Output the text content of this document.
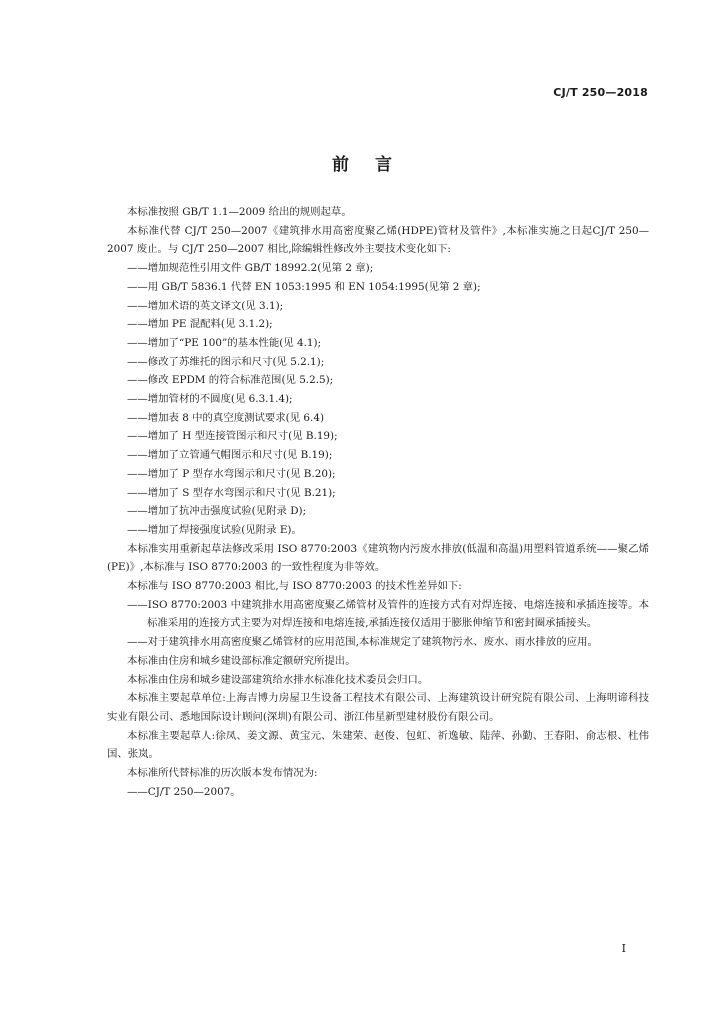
CJ/T 250—2018
前言

本标准按照 GB/T 1.1—2009 给出的规则起草。

本标准代替 CJ/T 250—2007《建筑排水用高密度聚乙烯(HDPE)管材及管件》,本标准实施之日起CJ/T 250—2007 废止。与 CJ/T 250—2007 相比,除编辑性修改外主要技术变化如下:

——增加规范性引用文件 GB/T 18992.2(见第 2 章);

——用 GB/T 5836.1 代替 EN 1053:1995 和 EN 1054:1995(见第 2 章);

——增加术语的英文译文(见 3.1);

——增加 PE 混配料(见 3.1.2);

——增加了“PE 100”的基本性能(见 4.1);

——修改了苏维托的图示和尺寸(见 5.2.1);

——修改 EPDM 的符合标准范围(见 5.2.5);

——增加管材的不圆度(见 6.3.1.4);

——增加表 8 中的真空度测试要求(见 6.4)

——增加了 H 型连接管图示和尺寸(见 B.19);

——增加了立管通气帽图示和尺寸(见 B.19);

——增加了 P 型存水弯图示和尺寸(见 B.20);

——增加了 S 型存水弯图示和尺寸(见 B.21);

——增加了抗冲击强度试验(见附录 D);

——增加了焊接强度试验(见附录 E)。

本标准实用重新起草法修改采用 ISO 8770:2003《建筑物内污废水排放(低温和高温)用塑料管道系统——聚乙烯(PE)》,本标准与 ISO 8770:2003 的一致性程度为非等效。

本标准与 ISO 8770:2003 相比,与 ISO 8770:2003 的技术性差异如下:

——ISO 8770:2003 中建筑排水用高密度聚乙烯管材及管件的连接方式有对焊连接、电熔连接和承插连接等。本标准采用的连接方式主要为对焊连接和电熔连接,承插连接仅适用于膨胀伸缩节和密封圈承插接头。

——对于建筑排水用高密度聚乙烯管材的应用范围,本标准规定了建筑物污水、废水、雨水排放的应用。

本标准由住房和城乡建设部标准定额研究所提出。

本标准由住房和城乡建设部建筑给水排水标准化技术委员会归口。

本标准主要起草单位:上海吉博力房屋卫生设备工程技术有限公司、上海建筑设计研究院有限公司、上海明谛科技实业有限公司、悉地国际设计顾问(深圳)有限公司、浙江伟星新型建材股份有限公司。

本标准主要起草人:徐凤、姜文源、黄宝元、朱建荣、赵俊、包虹、祈逸敏、陆萍、孙勤、王春阳、俞志根、杜伟国、张岚。

本标准所代替标准的历次版本发布情况为:

——CJ/T 250—2007。

I
